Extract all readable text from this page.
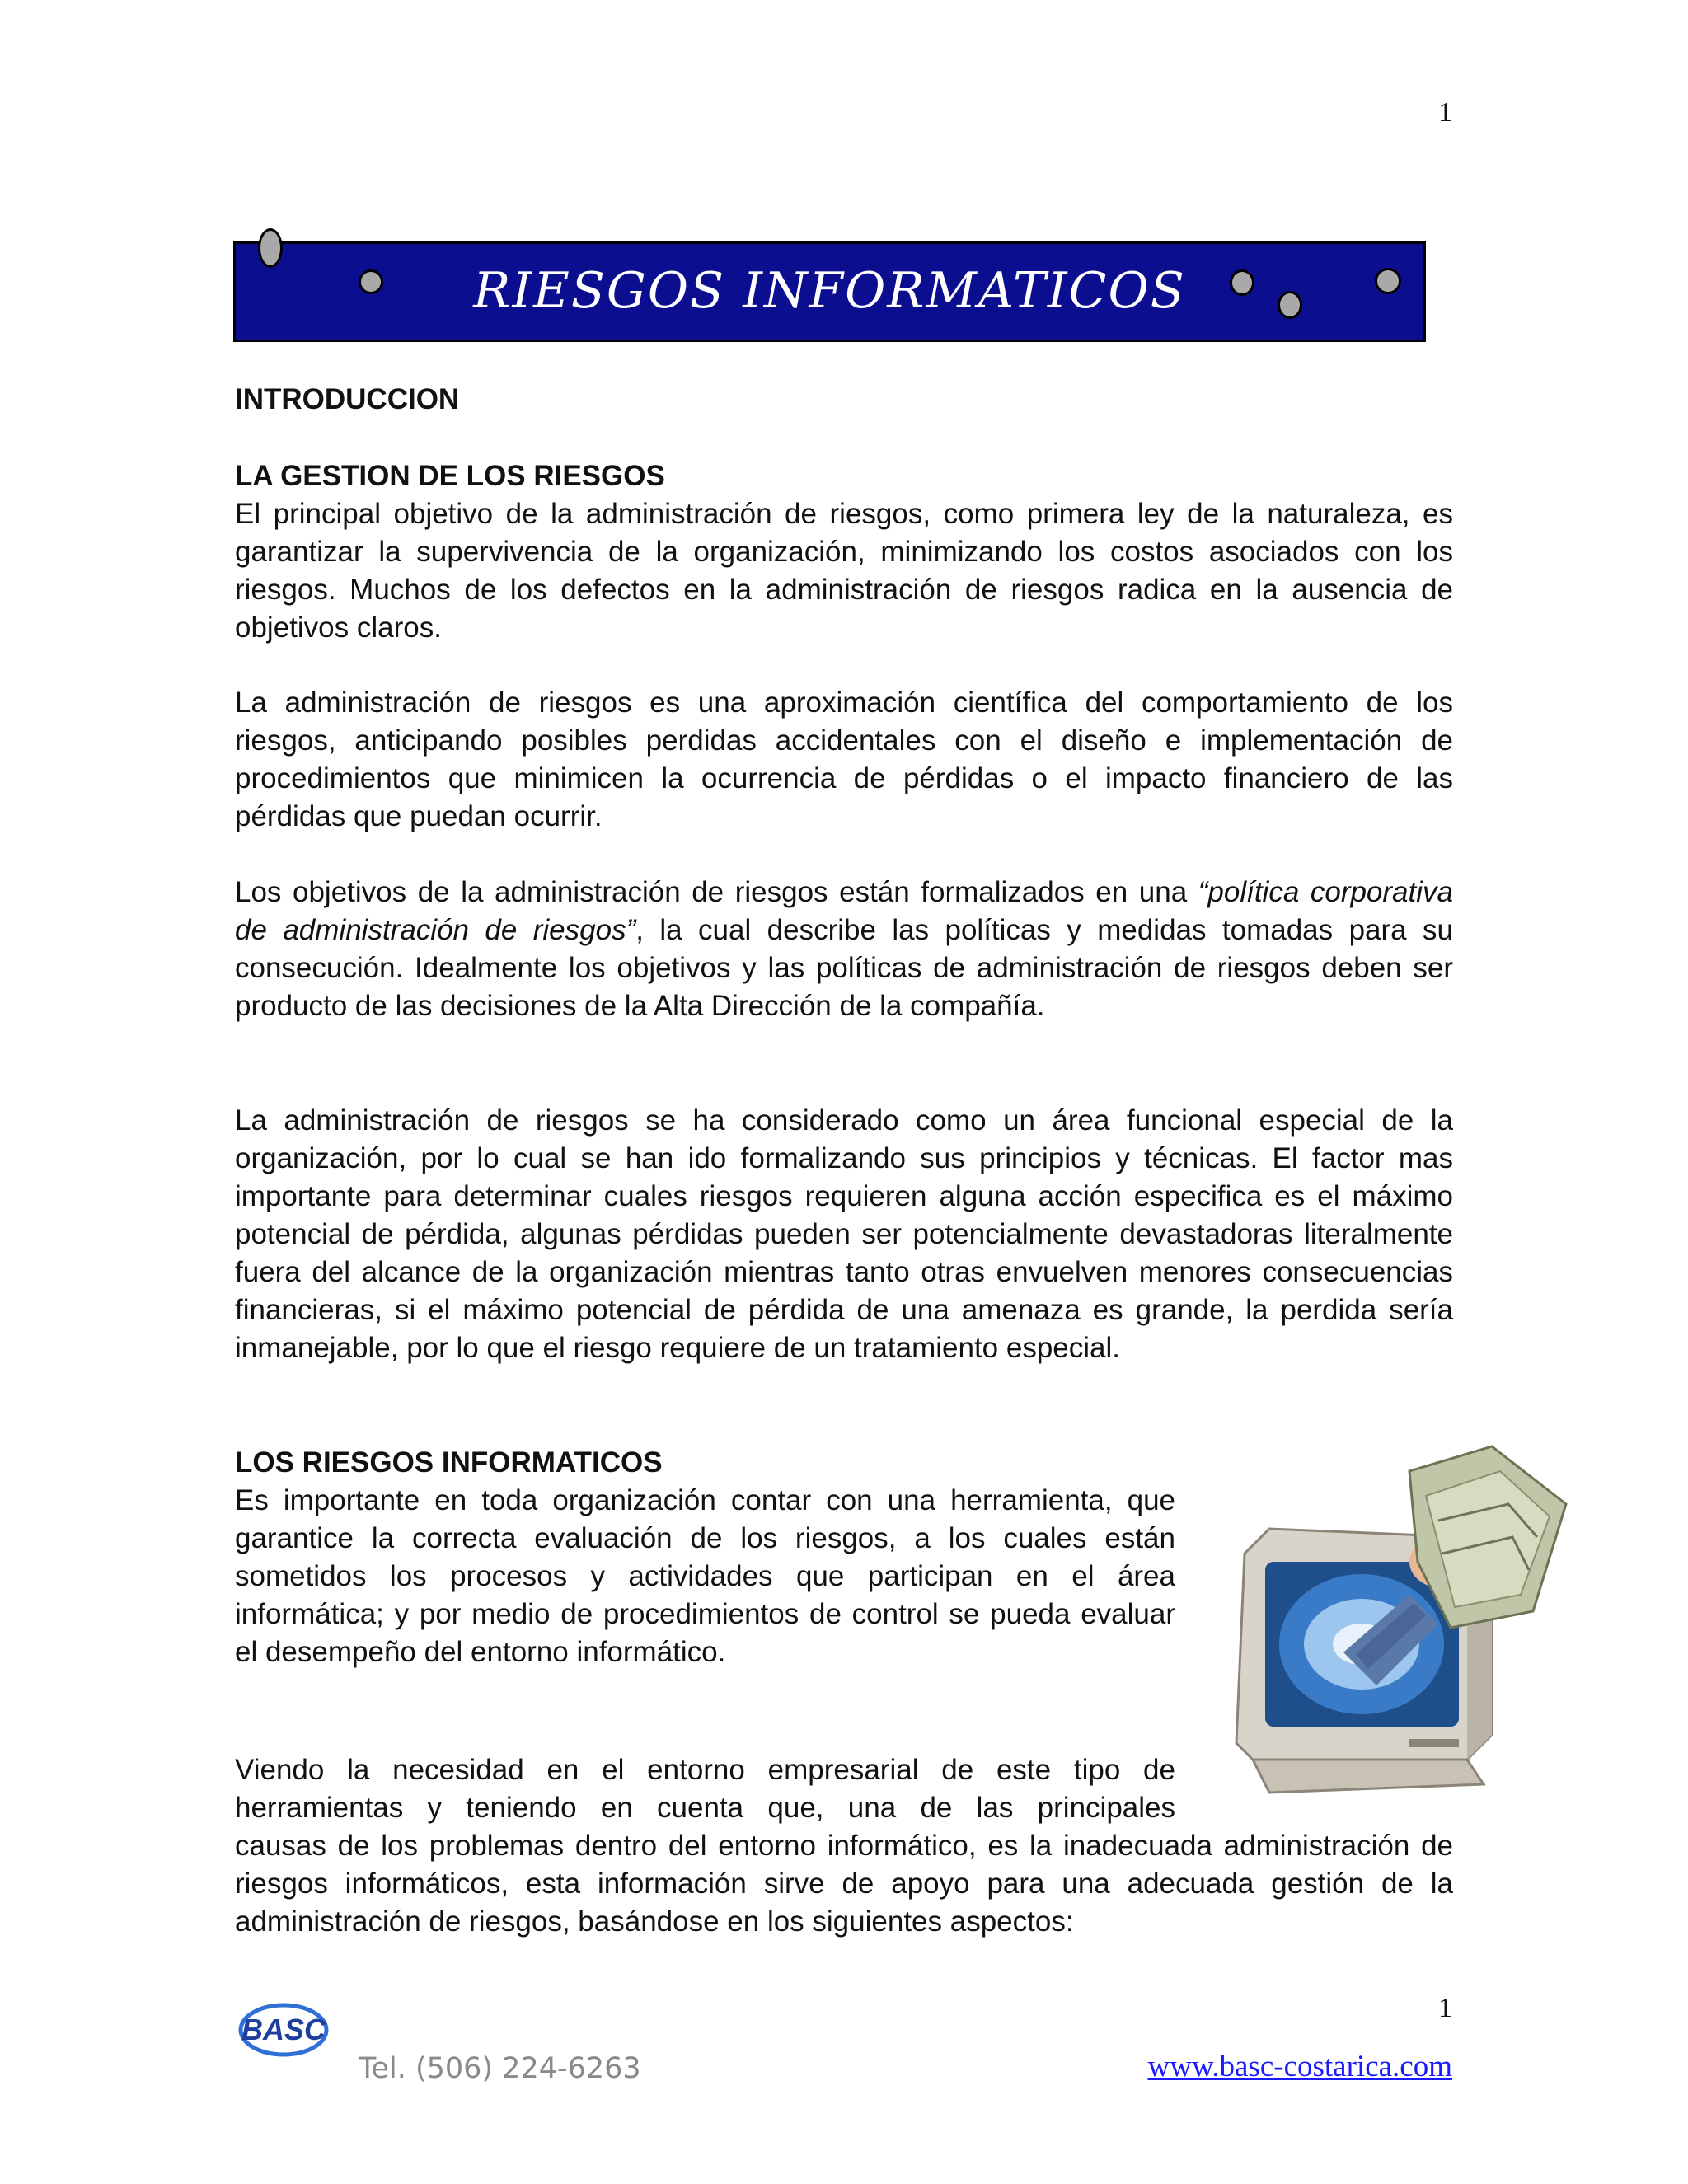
1
RIESGOS INFORMATICOS
INTRODUCCION
LA GESTION DE LOS RIESGOS

El principal objetivo de la administración de riesgos, como primera ley de la naturaleza, es garantizar la supervivencia de la organización, minimizando los costos asociados con los riesgos. Muchos de los defectos en la administración de riesgos radica en la ausencia de objetivos claros.

La administración de riesgos es una aproximación científica del comportamiento de los riesgos, anticipando posibles perdidas accidentales con el diseño e implementación de procedimientos que minimicen la ocurrencia de pérdidas o el impacto financiero de las pérdidas que puedan ocurrir.

Los objetivos de la administración de riesgos están formalizados en una “política corporativa de administración de riesgos”, la cual describe las políticas y medidas tomadas para su consecución. Idealmente los objetivos y las políticas de administración de riesgos deben ser producto de las decisiones de la Alta Dirección de la compañía.

La administración de riesgos se ha considerado como un área funcional especial de la organización, por lo cual se han ido formalizando sus principios y técnicas. El factor mas importante para determinar cuales riesgos requieren alguna acción especifica es el máximo potencial de pérdida, algunas pérdidas pueden ser potencialmente devastadoras literalmente fuera del alcance de la organización mientras tanto otras envuelven menores consecuencias financieras, si el máximo potencial de pérdida de una amenaza es grande, la perdida sería inmanejable, por lo que el riesgo requiere de un tratamiento especial.

LOS RIESGOS INFORMATICOS

Es importante en toda organización contar con una herramienta, que garantice la correcta evaluación de los riesgos, a los cuales están sometidos los procesos y actividades que participan en el área informática; y por medio de procedimientos de control se pueda evaluar el desempeño del entorno informático.

Viendo la necesidad en el entorno empresarial de este tipo de
herramientas y teniendo en cuenta que, una de las principales

causas de los problemas dentro del entorno informático, es la inadecuada administración de riesgos informáticos, esta información sirve de apoyo para una adecuada gestión de la administración de riesgos, basándose en los siguientes aspectos:

1
BASC
Tel. (506) 224-6263	www.basc-costarica.com
